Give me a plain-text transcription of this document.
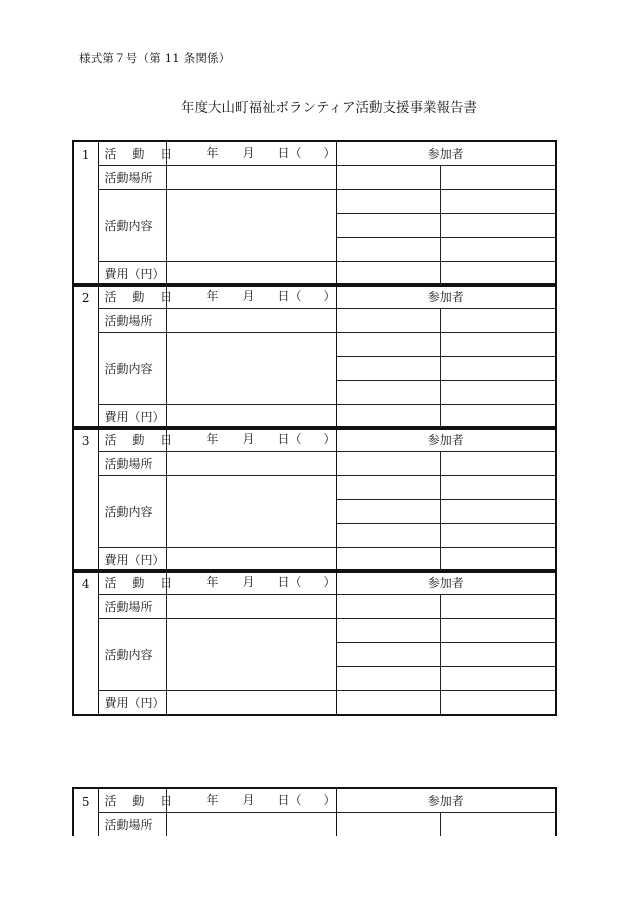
様式第７号（第 11 条関係）
年度大山町福祉ボランティア活動支援事業報告書
1	活 動 日	年 月 日（ ）	参加者	
	活動場所			
	活動内容			

	費用（円）			
2	活 動 日	年 月 日（ ）	参加者	
	活動場所			
	活動内容			

	費用（円）			
3	活 動 日	年 月 日（ ）	参加者	
	活動場所			
	活動内容			

	費用（円）			
4	活 動 日	年 月 日（ ）	参加者	
	活動場所			
	活動内容			

	費用（円）			
5	活 動 日	年 月 日（ ）	参加者	
	活動場所			
